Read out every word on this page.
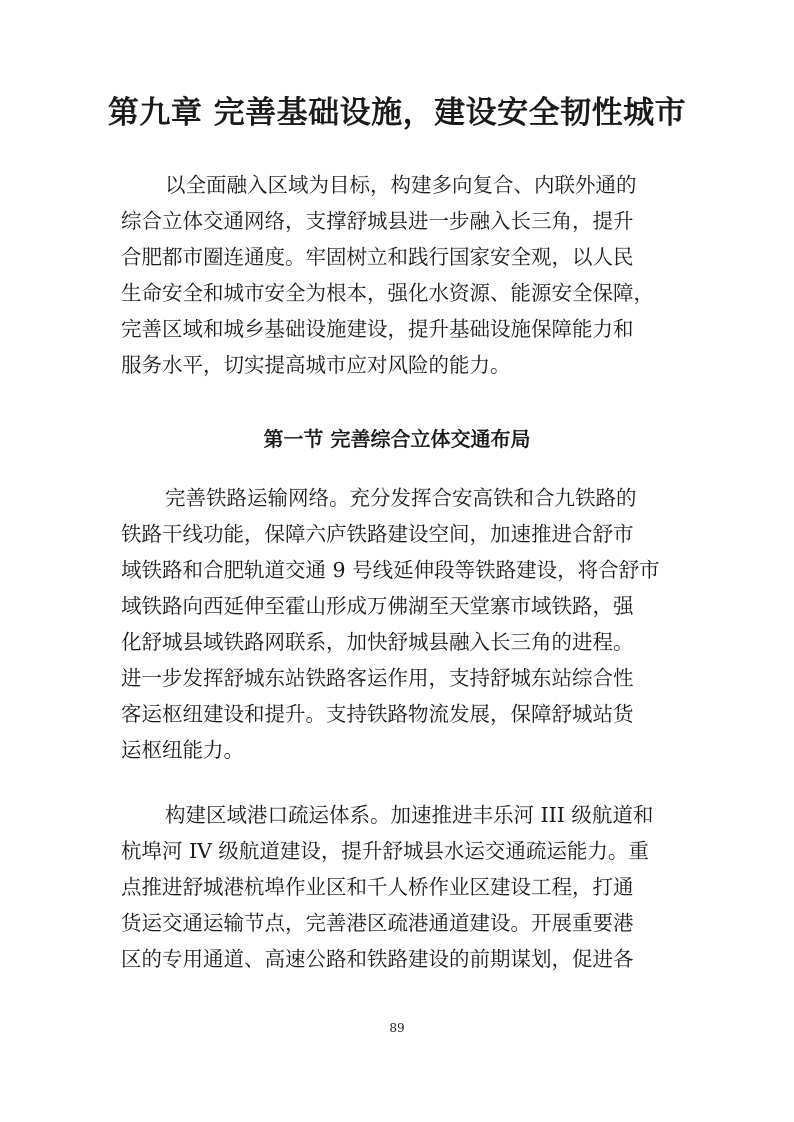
第九章 完善基础设施，建设安全韧性城市
以全面融入区域为目标，构建多向复合、内联外通的
综合立体交通网络，支撑舒城县进一步融入长三角，提升
合肥都市圈连通度。牢固树立和践行国家安全观，以人民
生命安全和城市安全为根本，强化水资源、能源安全保障，
完善区域和城乡基础设施建设，提升基础设施保障能力和
服务水平，切实提高城市应对风险的能力。
第一节 完善综合立体交通布局
完善铁路运输网络。充分发挥合安高铁和合九铁路的
铁路干线功能，保障六庐铁路建设空间，加速推进合舒市
域铁路和合肥轨道交通 9 号线延伸段等铁路建设，将合舒市
域铁路向西延伸至霍山形成万佛湖至天堂寨市域铁路，强
化舒城县域铁路网联系，加快舒城县融入长三角的进程。
进一步发挥舒城东站铁路客运作用，支持舒城东站综合性
客运枢纽建设和提升。支持铁路物流发展，保障舒城站货
运枢纽能力。
构建区域港口疏运体系。加速推进丰乐河 III 级航道和
杭埠河 IV 级航道建设，提升舒城县水运交通疏运能力。重
点推进舒城港杭埠作业区和千人桥作业区建设工程，打通
货运交通运输节点，完善港区疏港通道建设。开展重要港
区的专用通道、高速公路和铁路建设的前期谋划，促进各
89
